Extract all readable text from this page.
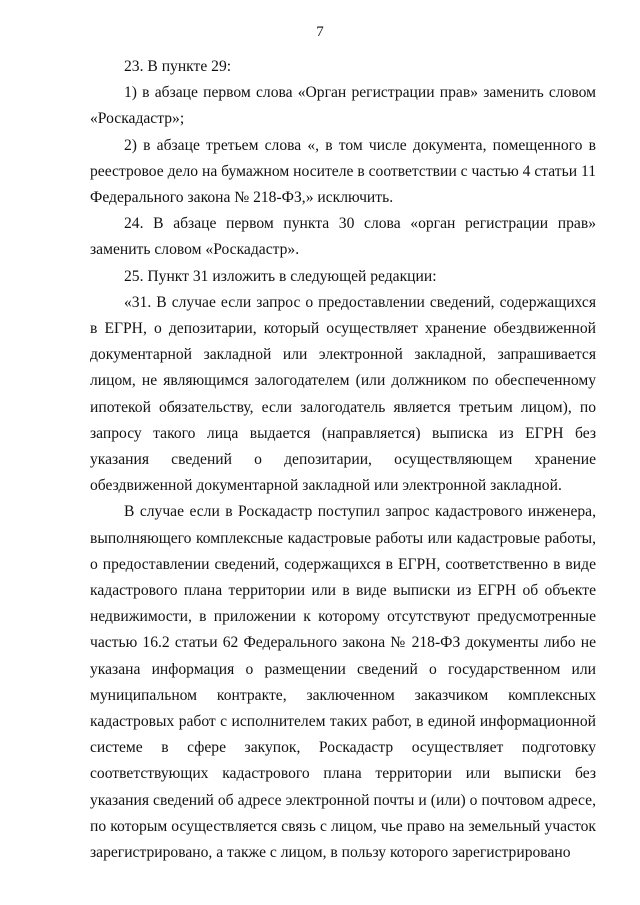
7

23. В пункте 29:

1) в абзаце первом слова «Орган регистрации прав» заменить словом «Роскадастр»;

2) в абзаце третьем слова «, в том числе документа, помещенного в реестровое дело на бумажном носителе в соответствии с частью 4 статьи 11 Федерального закона № 218-ФЗ,» исключить.

24. В абзаце первом пункта 30 слова «орган регистрации прав» заменить словом «Роскадастр».

25. Пункт 31 изложить в следующей редакции:

«31. В случае если запрос о предоставлении сведений, содержащихся в ЕГРН, о депозитарии, который осуществляет хранение обездвиженной документарной закладной или электронной закладной, запрашивается лицом, не являющимся залогодателем (или должником по обеспеченному ипотекой обязательству, если залогодатель является третьим лицом), по запросу такого лица выдается (направляется) выписка из ЕГРН без указания сведений о депозитарии, осуществляющем хранение обездвиженной документарной закладной или электронной закладной.

В случае если в Роскадастр поступил запрос кадастрового инженера, выполняющего комплексные кадастровые работы или кадастровые работы, о предоставлении сведений, содержащихся в ЕГРН, соответственно в виде кадастрового плана территории или в виде выписки из ЕГРН об объекте недвижимости, в приложении к которому отсутствуют предусмотренные частью 16.2 статьи 62 Федерального закона № 218-ФЗ документы либо не указана информация о размещении сведений о государственном или муниципальном контракте, заключенном заказчиком комплексных кадастровых работ с исполнителем таких работ, в единой информационной системе в сфере закупок, Роскадастр осуществляет подготовку соответствующих кадастрового плана территории или выписки без указания сведений об адресе электронной почты и (или) о почтовом адресе, по которым осуществляется связь с лицом, чье право на земельный участок зарегистрировано, а также с лицом, в пользу которого зарегистрировано
